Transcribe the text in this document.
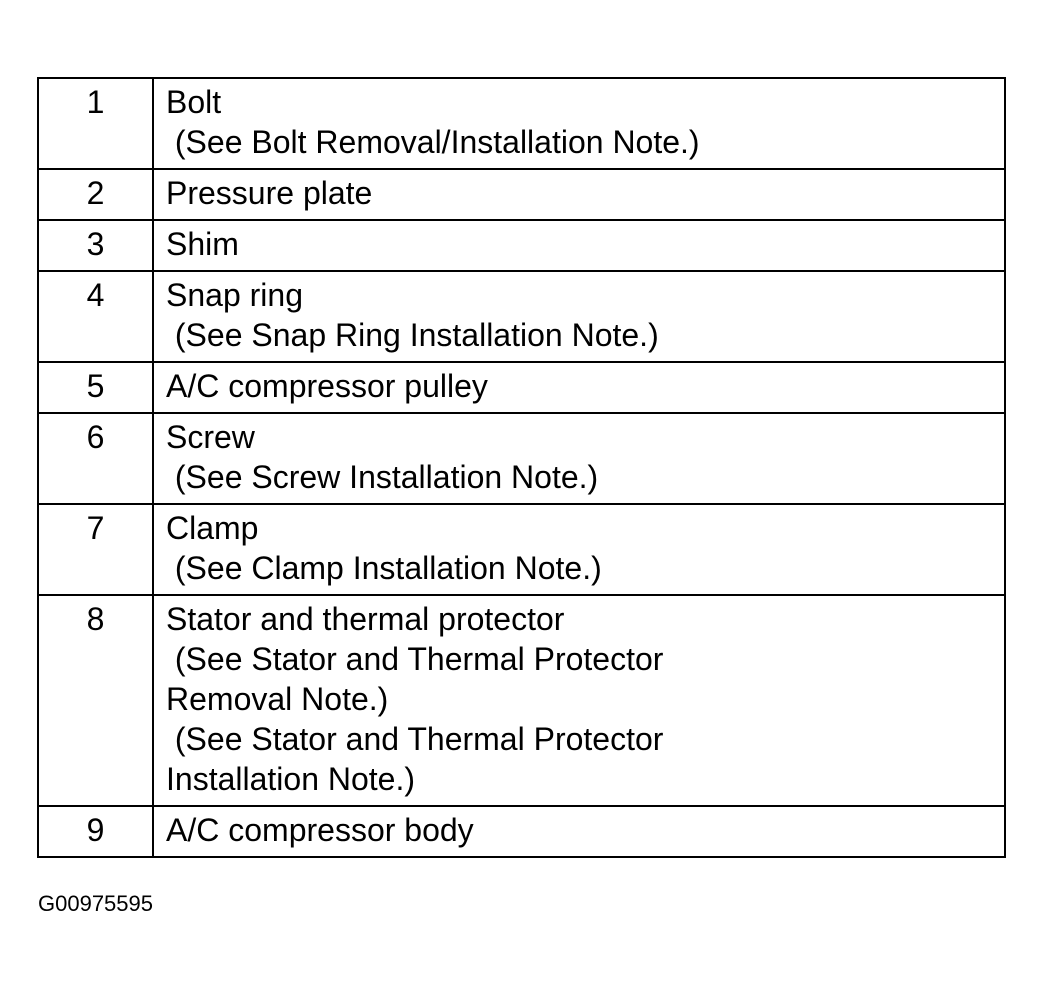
1	Bolt
(See Bolt Removal/Installation Note.)

2	Pressure plate

3	Shim

4	Snap ring
(See Snap Ring Installation Note.)

5	A/C compressor pulley

6	Screw
(See Screw Installation Note.)

7	Clamp
(See Clamp Installation Note.)

8	Stator and thermal protector
(See Stator and Thermal Protector
Removal Note.)
(See Stator and Thermal Protector
Installation Note.)

9	A/C compressor body
G00975595
